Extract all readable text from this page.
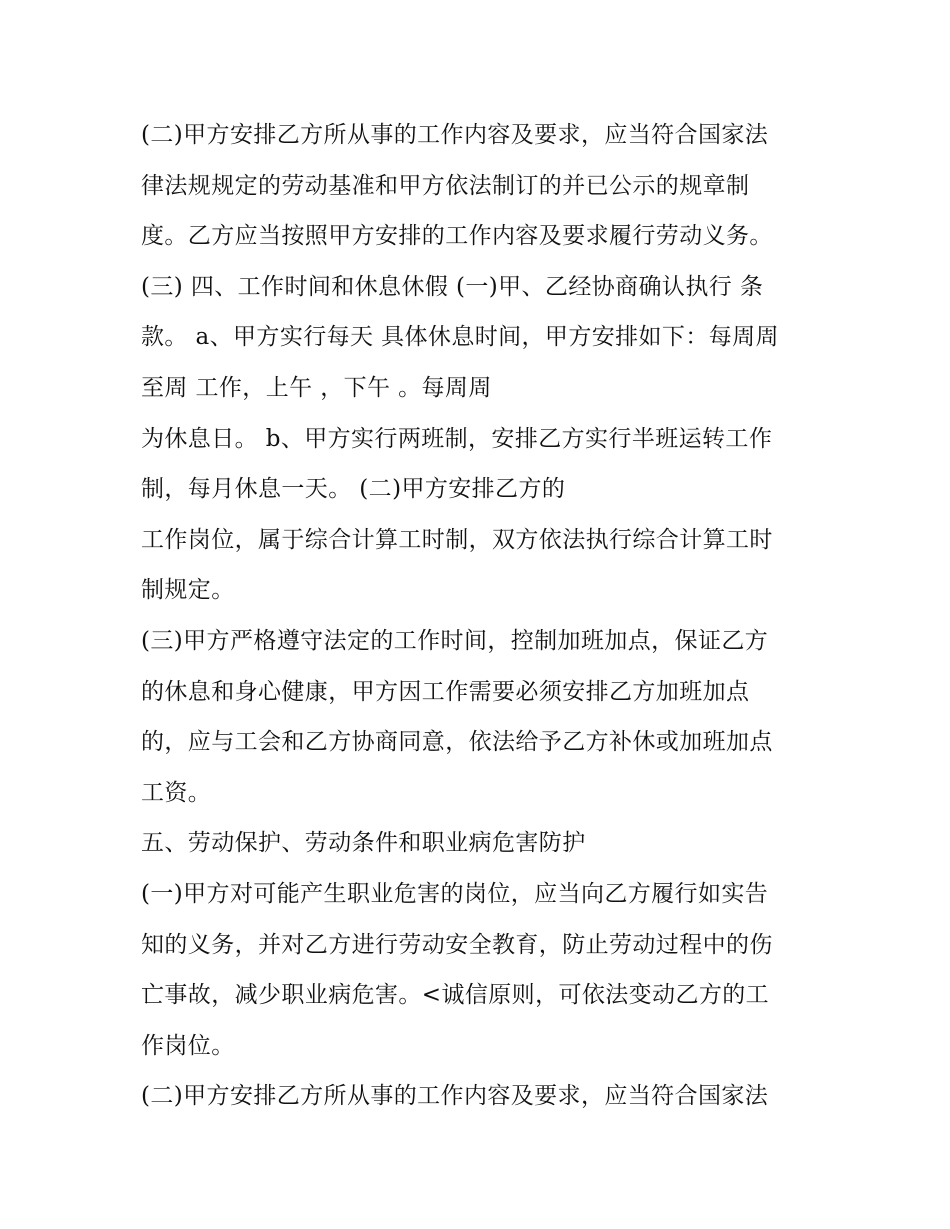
(二)甲方安排乙方所从事的工作内容及要求，应当符合国家法
律法规规定的劳动基准和甲方依法制订的并已公示的规章制
度。乙方应当按照甲方安排的工作内容及要求履行劳动义务。
(三) 四、工作时间和休息休假 (一)甲、乙经协商确认执行 条
款。 a、甲方实行每天 具体休息时间，甲方安排如下：每周周
至周 工作，上午 ，下午 。每周周
为休息日。 b、甲方实行两班制，安排乙方实行半班运转工作
制，每月休息一天。 (二)甲方安排乙方的
工作岗位，属于综合计算工时制，双方依法执行综合计算工时
制规定。
(三)甲方严格遵守法定的工作时间，控制加班加点，保证乙方
的休息和身心健康，甲方因工作需要必须安排乙方加班加点
的，应与工会和乙方协商同意，依法给予乙方补休或加班加点
工资。
五、劳动保护、劳动条件和职业病危害防护
(一)甲方对可能产生职业危害的岗位，应当向乙方履行如实告
知的义务，并对乙方进行劳动安全教育，防止劳动过程中的伤
亡事故，减少职业病危害。<诚信原则，可依法变动乙方的工
作岗位。
(二)甲方安排乙方所从事的工作内容及要求，应当符合国家法
